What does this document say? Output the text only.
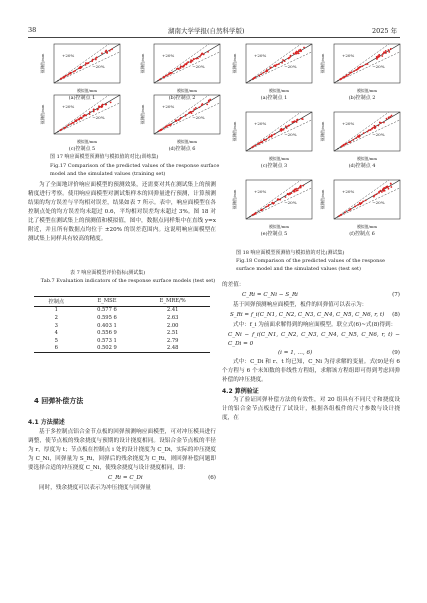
38	湖南大学学报(自然科学版)	2025 年
+20%
−20%
预测值/mm
模拟值/mm
(a)控制点 1
+20%
−20%
预测值/mm
模拟值/mm
(b)控制点 2
+20%
−20%
预测值/mm
模拟值/mm
(c)控制点 5
+20%
−20%
预测值/mm
模拟值/mm
(d)控制点 6
图 17 响应面模型预测值与模拟值的对比(训练集)
Fig.17 Comparison of the predicted values of the response surface model and the simulated values (training set)

为了全面地评价响应面模型的预测效果，还需要对其在测试集上的预测精度进行考察。使用响应面模型对测试集样本的回弹量进行预测，计算预测结果的均方误差与平均相对误差，结果如表 7 所示。表中，响应面模型在各控制点处的均方误差均未超过 0.6，平均相对误差均未超过 3%。图 18 对比了模型在测试集上的预测值和模拟值，图中，数据点同样集中在直线 y=x 附近，并且所有数据点均位于 ±20% 的误差范围内。这说明响应面模型在测试集上同样具有较高的精度。

表 7 响应面模型评价指标(测试集)
Tab.7 Evaluation indicators of the response surface models (test set)
控制点	E_MSE	E_MRE/%
1	0.577 6	2.41
2	0.595 6	2.63
3	0.403 1	2.00
4	0.556 9	2.51
5	0.573 1	2.79
6	0.502 9	2.48
4 回弹补偿方法
4.1 方法描述

基于多控制点铝合金节点板的回弹预测响应面模型，可对冲压模具进行调整，使节点板的残余挠度与预期的设计挠度相同。设铝合金节点板的半径为 r，厚度为 t；节点板在控制点 i 处的设计挠度为 C_Di，实际的冲压挠度为 C_Ni，回弹量为 S_Ri，回弹后的残余挠度为 C_Ri，则回弹补偿问题即要选择合适的冲压挠度 C_Ni，使残余挠度与设计挠度相同，即：

C_Ri = C_Di	(6)

同时，残余挠度可以表示为冲压挠度与回弹量

+20%
−20%
预测值/mm
模拟值/mm
(a)控制点 1
+20%
−20%
预测值/mm
模拟值/mm
(b)控制点 2
+20%
−20%
预测值/mm
模拟值/mm
(c)控制点 3
+20%
−20%
预测值/mm
模拟值/mm
(d)控制点 4
+20%
−20%
预测值/mm
模拟值/mm
(e)控制点 5
+20%
−20%
预测值/mm
模拟值/mm
(f)控制点 6
图 18 响应面模型预测值与模拟值的对比(测试集)
Fig.18 Comparison of the predicted values of the response surface model and the simulated values (test set)
的差值：
C_Ri = C_Ni − S_Ri	(7)

基于回弹预测响应面模型，板件的回弹值可以表示为：

S_Ri = f_i(C_N1, C_N2, C_N3, C_N4, C_N5, C_N6, r, t) (8)

式中：f_i 为前面求解得到的响应面模型。联立式(6)~式(8)得到：

C_Ni − f_i(C_N1, C_N2, C_N3, C_N4, C_N5, C_N6, r, t) − C_Di = 0
(i = 1, …, 6)	(9)

式中：C_Di 和 r、t 均已知，C_Ni 为待求解的变量。式(9)是有 6 个方程与 6 个未知数的非线性方程组，求解该方程组即可得到考虑回弹补偿的冲压挠度。

4.2 算例验证

为了验证回弹补偿方法的有效性，对 20 组具有不同尺寸和挠度设计的铝合金节点板进行了试设计，根据各组板件的尺寸参数与设计挠度，在
